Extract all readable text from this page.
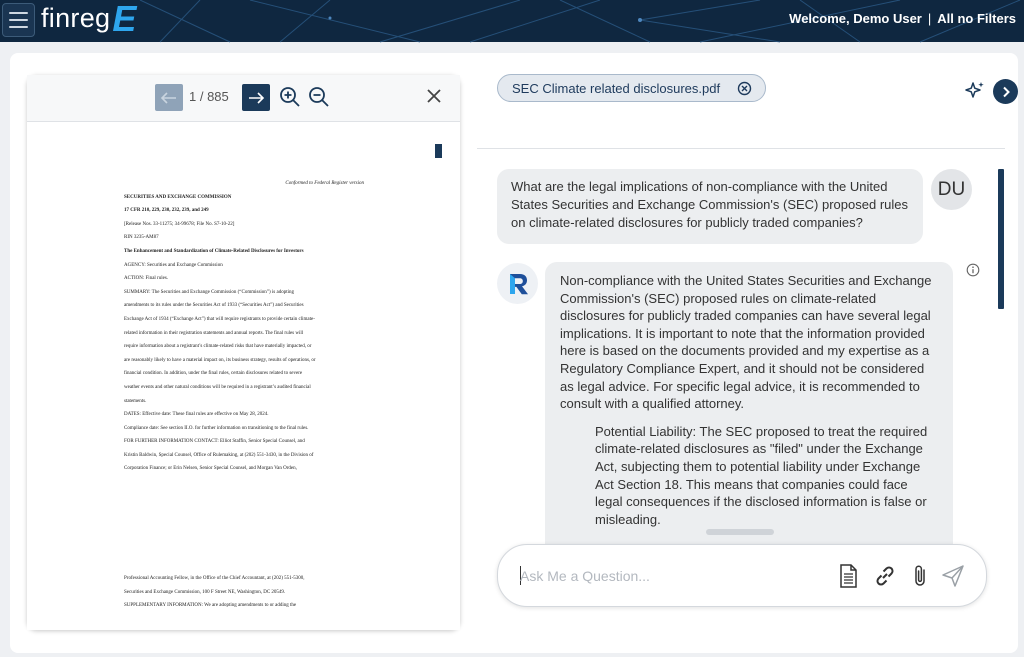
finreg E	Welcome, Demo User | All no Filters
1 / 885

Conformed to Federal Register version

SECURITIES AND EXCHANGE COMMISSION

17 CFR 210, 229, 230, 232, 239, and 249

[Release Nos. 33-11275; 34-99678; File No. S7-10-22]

RIN 3235-AM87

The Enhancement and Standardization of Climate-Related Disclosures for Investors

AGENCY: Securities and Exchange Commission

ACTION: Final rules.

SUMMARY: The Securities and Exchange Commission (“Commission”) is adopting

amendments to its rules under the Securities Act of 1933 (“Securities Act”) and Securities

Exchange Act of 1934 (“Exchange Act”) that will require registrants to provide certain climate-

related information in their registration statements and annual reports. The final rules will

require information about a registrant’s climate-related risks that have materially impacted, or

are reasonably likely to have a material impact on, its business strategy, results of operations, or

financial condition. In addition, under the final rules, certain disclosures related to severe

weather events and other natural conditions will be required in a registrant’s audited financial

statements.

DATES: Effective date: These final rules are effective on May 28, 2024.

Compliance date: See section II.O. for further information on transitioning to the final rules.

FOR FURTHER INFORMATION CONTACT: Elliot Staffin, Senior Special Counsel, and

Kristin Baldwin, Special Counsel, Office of Rulemaking, at (202) 551-3430, in the Division of

Corporation Finance; or Erin Nelsen, Senior Special Counsel, and Morgan Van Orden,

Professional Accounting Fellow, in the Office of the Chief Accountant, at (202) 551-5300,

Securities and Exchange Commission, 100 F Street NE, Washington, DC 20549.

SUPPLEMENTARY INFORMATION: We are adopting amendments to or adding the

SEC Climate related disclosures.pdf
What are the legal implications of non-compliance with the United States Securities and Exchange Commission's (SEC) proposed rules on climate-related disclosures for publicly traded companies?
DU

Non-compliance with the United States Securities and Exchange Commission's (SEC) proposed rules on climate-related disclosures for publicly traded companies can have several legal implications. It is important to note that the information provided here is based on the documents provided and my expertise as a Regulatory Compliance Expert, and it should not be considered as legal advice. For specific legal advice, it is recommended to consult with a qualified attorney.

Potential Liability: The SEC proposed to treat the required climate-related disclosures as "filed" under the Exchange Act, subjecting them to potential liability under Exchange Act Section 18. This means that companies could face legal consequences if the disclosed information is false or misleading.

Ask Me a Question...
